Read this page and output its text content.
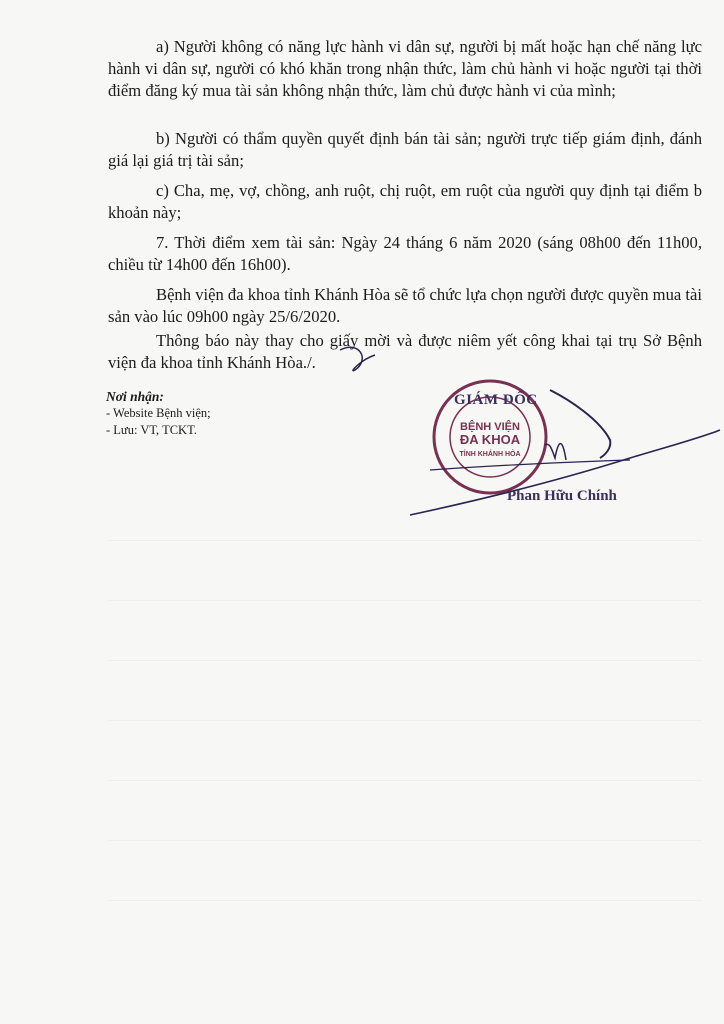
a) Người không có năng lực hành vi dân sự, người bị mất hoặc hạn chế năng lực hành vi dân sự, người có khó khăn trong nhận thức, làm chủ hành vi hoặc người tại thời điểm đăng ký mua tài sản không nhận thức, làm chủ được hành vi của mình;

b) Người có thẩm quyền quyết định bán tài sản; người trực tiếp giám định, đánh giá lại giá trị tài sản;

c) Cha, mẹ, vợ, chồng, anh ruột, chị ruột, em ruột của người quy định tại điểm b khoản này;

7. Thời điểm xem tài sản: Ngày 24 tháng 6 năm 2020 (sáng 08h00 đến 11h00, chiều từ 14h00 đến 16h00).

Bệnh viện đa khoa tỉnh Khánh Hòa sẽ tổ chức lựa chọn người được quyền mua tài sản vào lúc 09h00 ngày 25/6/2020.

Thông báo này thay cho giấy mời và được niêm yết công khai tại trụ Sở Bệnh viện đa khoa tỉnh Khánh Hòa./.

Nơi nhận:
- Website Bệnh viện;
- Lưu: VT, TCKT.	BỆNH VIỆN
ĐA KHOA
TỈNH KHÁNH HÒA
GIÁM ĐỐC
Phan Hữu Chính
